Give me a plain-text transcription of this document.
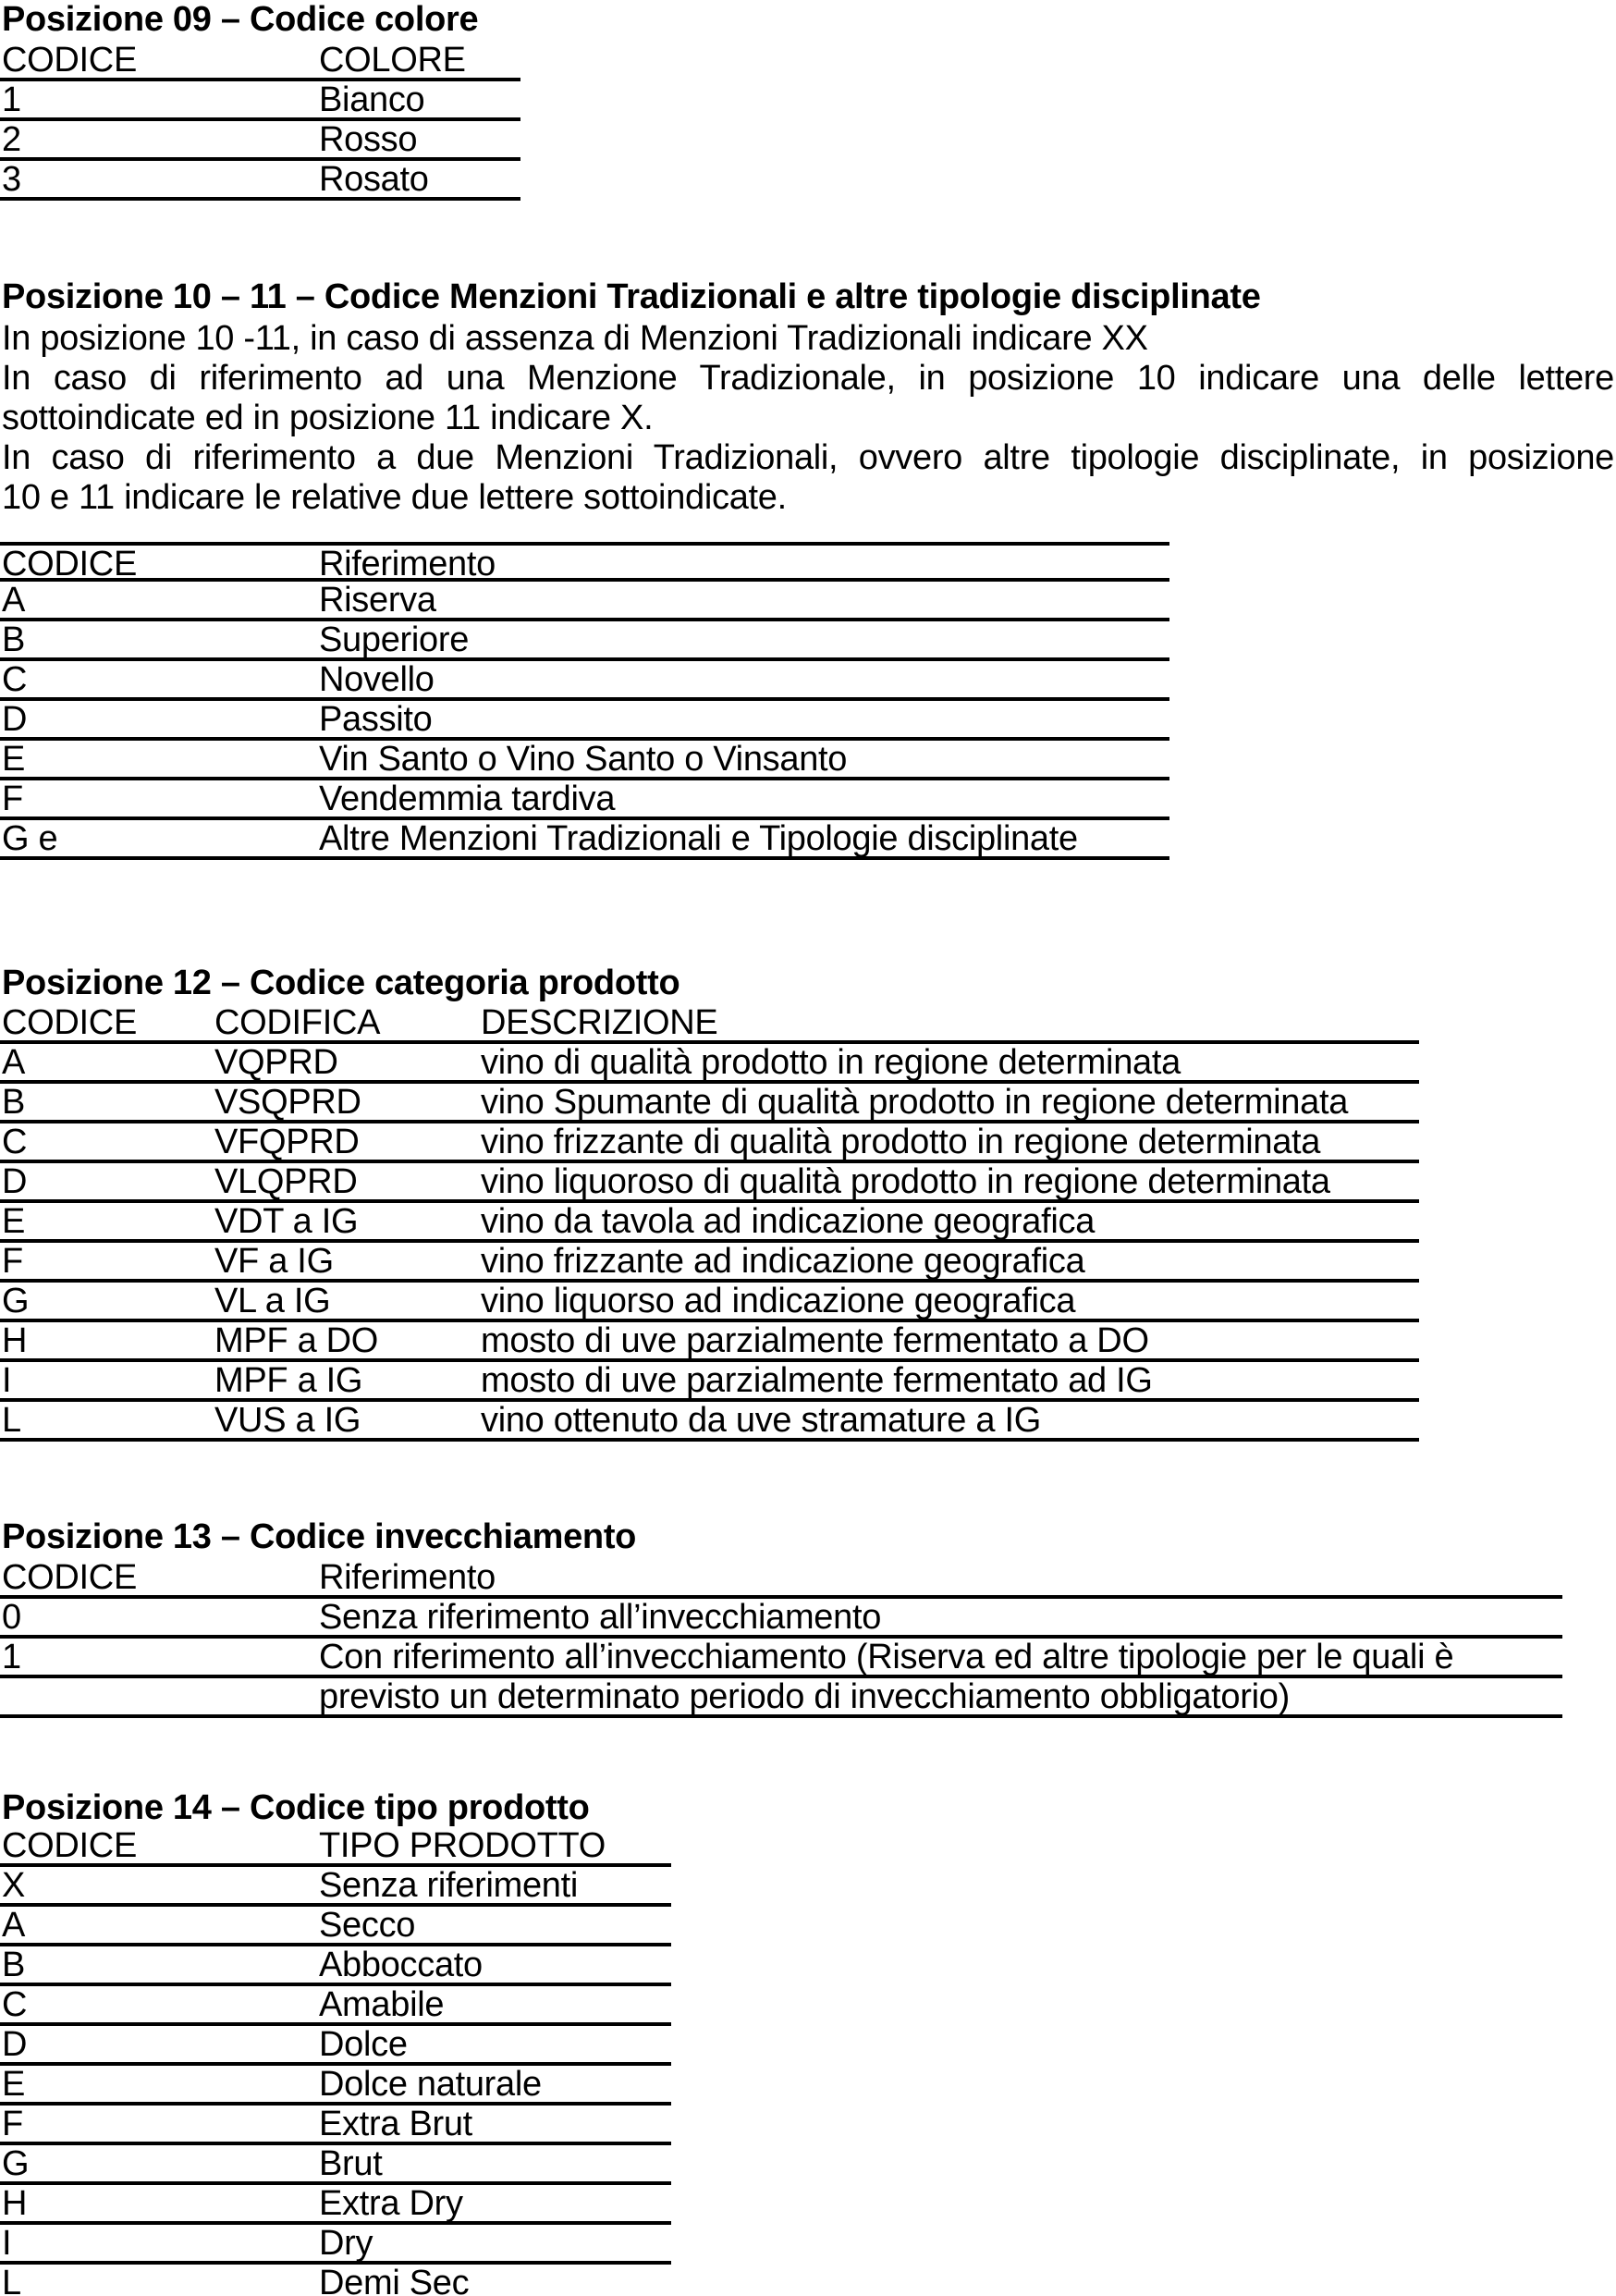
Posizione 09 – Codice colore
CODICE	COLORE
1	Bianco
2	Rosso
3	Rosato
Posizione 10 – 11 – Codice Menzioni Tradizionali e altre tipologie disciplinate
In posizione 10 -11, in caso di assenza di Menzioni Tradizionali indicare XX
In caso di riferimento ad una Menzione Tradizionale, in posizione 10 indicare una delle lettere
sottoindicate ed in posizione 11 indicare X.
In caso di riferimento a due Menzioni Tradizionali, ovvero altre tipologie disciplinate, in posizione
10 e 11 indicare le relative due lettere sottoindicate.
CODICE	Riferimento
A	Riserva
B	Superiore
C	Novello
D	Passito
E	Vin Santo o Vino Santo o Vinsanto
F	Vendemmia tardiva
G e	Altre Menzioni Tradizionali e Tipologie disciplinate
Posizione 12 – Codice categoria prodotto
CODICE CODIFICA	DESCRIZIONE
A	VQPRD	vino di qualità prodotto in regione determinata
B	VSQPRD	vino Spumante di qualità prodotto in regione determinata
C	VFQPRD	vino frizzante di qualità prodotto in regione determinata
D	VLQPRD	vino liquoroso di qualità prodotto in regione determinata
E	VDT a IG	vino da tavola ad indicazione geografica
F	VF a IG	vino frizzante ad indicazione geografica
G	VL a IG	vino liquorso ad indicazione geografica
H	MPF a DO	mosto di uve parzialmente fermentato a DO
I	MPF a IG	mosto di uve parzialmente fermentato ad IG
L	VUS a IG	vino ottenuto da uve stramature a IG
Posizione 13 – Codice invecchiamento
CODICE	Riferimento
0	Senza riferimento all’invecchiamento
1	Con riferimento all’invecchiamento (Riserva ed altre tipologie per le quali è
previsto un determinato periodo di invecchiamento obbligatorio)
Posizione 14 – Codice tipo prodotto
CODICE	TIPO PRODOTTO
X	Senza riferimenti
A	Secco
B	Abboccato
C	Amabile
D	Dolce
E	Dolce naturale
F	Extra Brut
G	Brut
H	Extra Dry
I	Dry
L	Demi Sec
